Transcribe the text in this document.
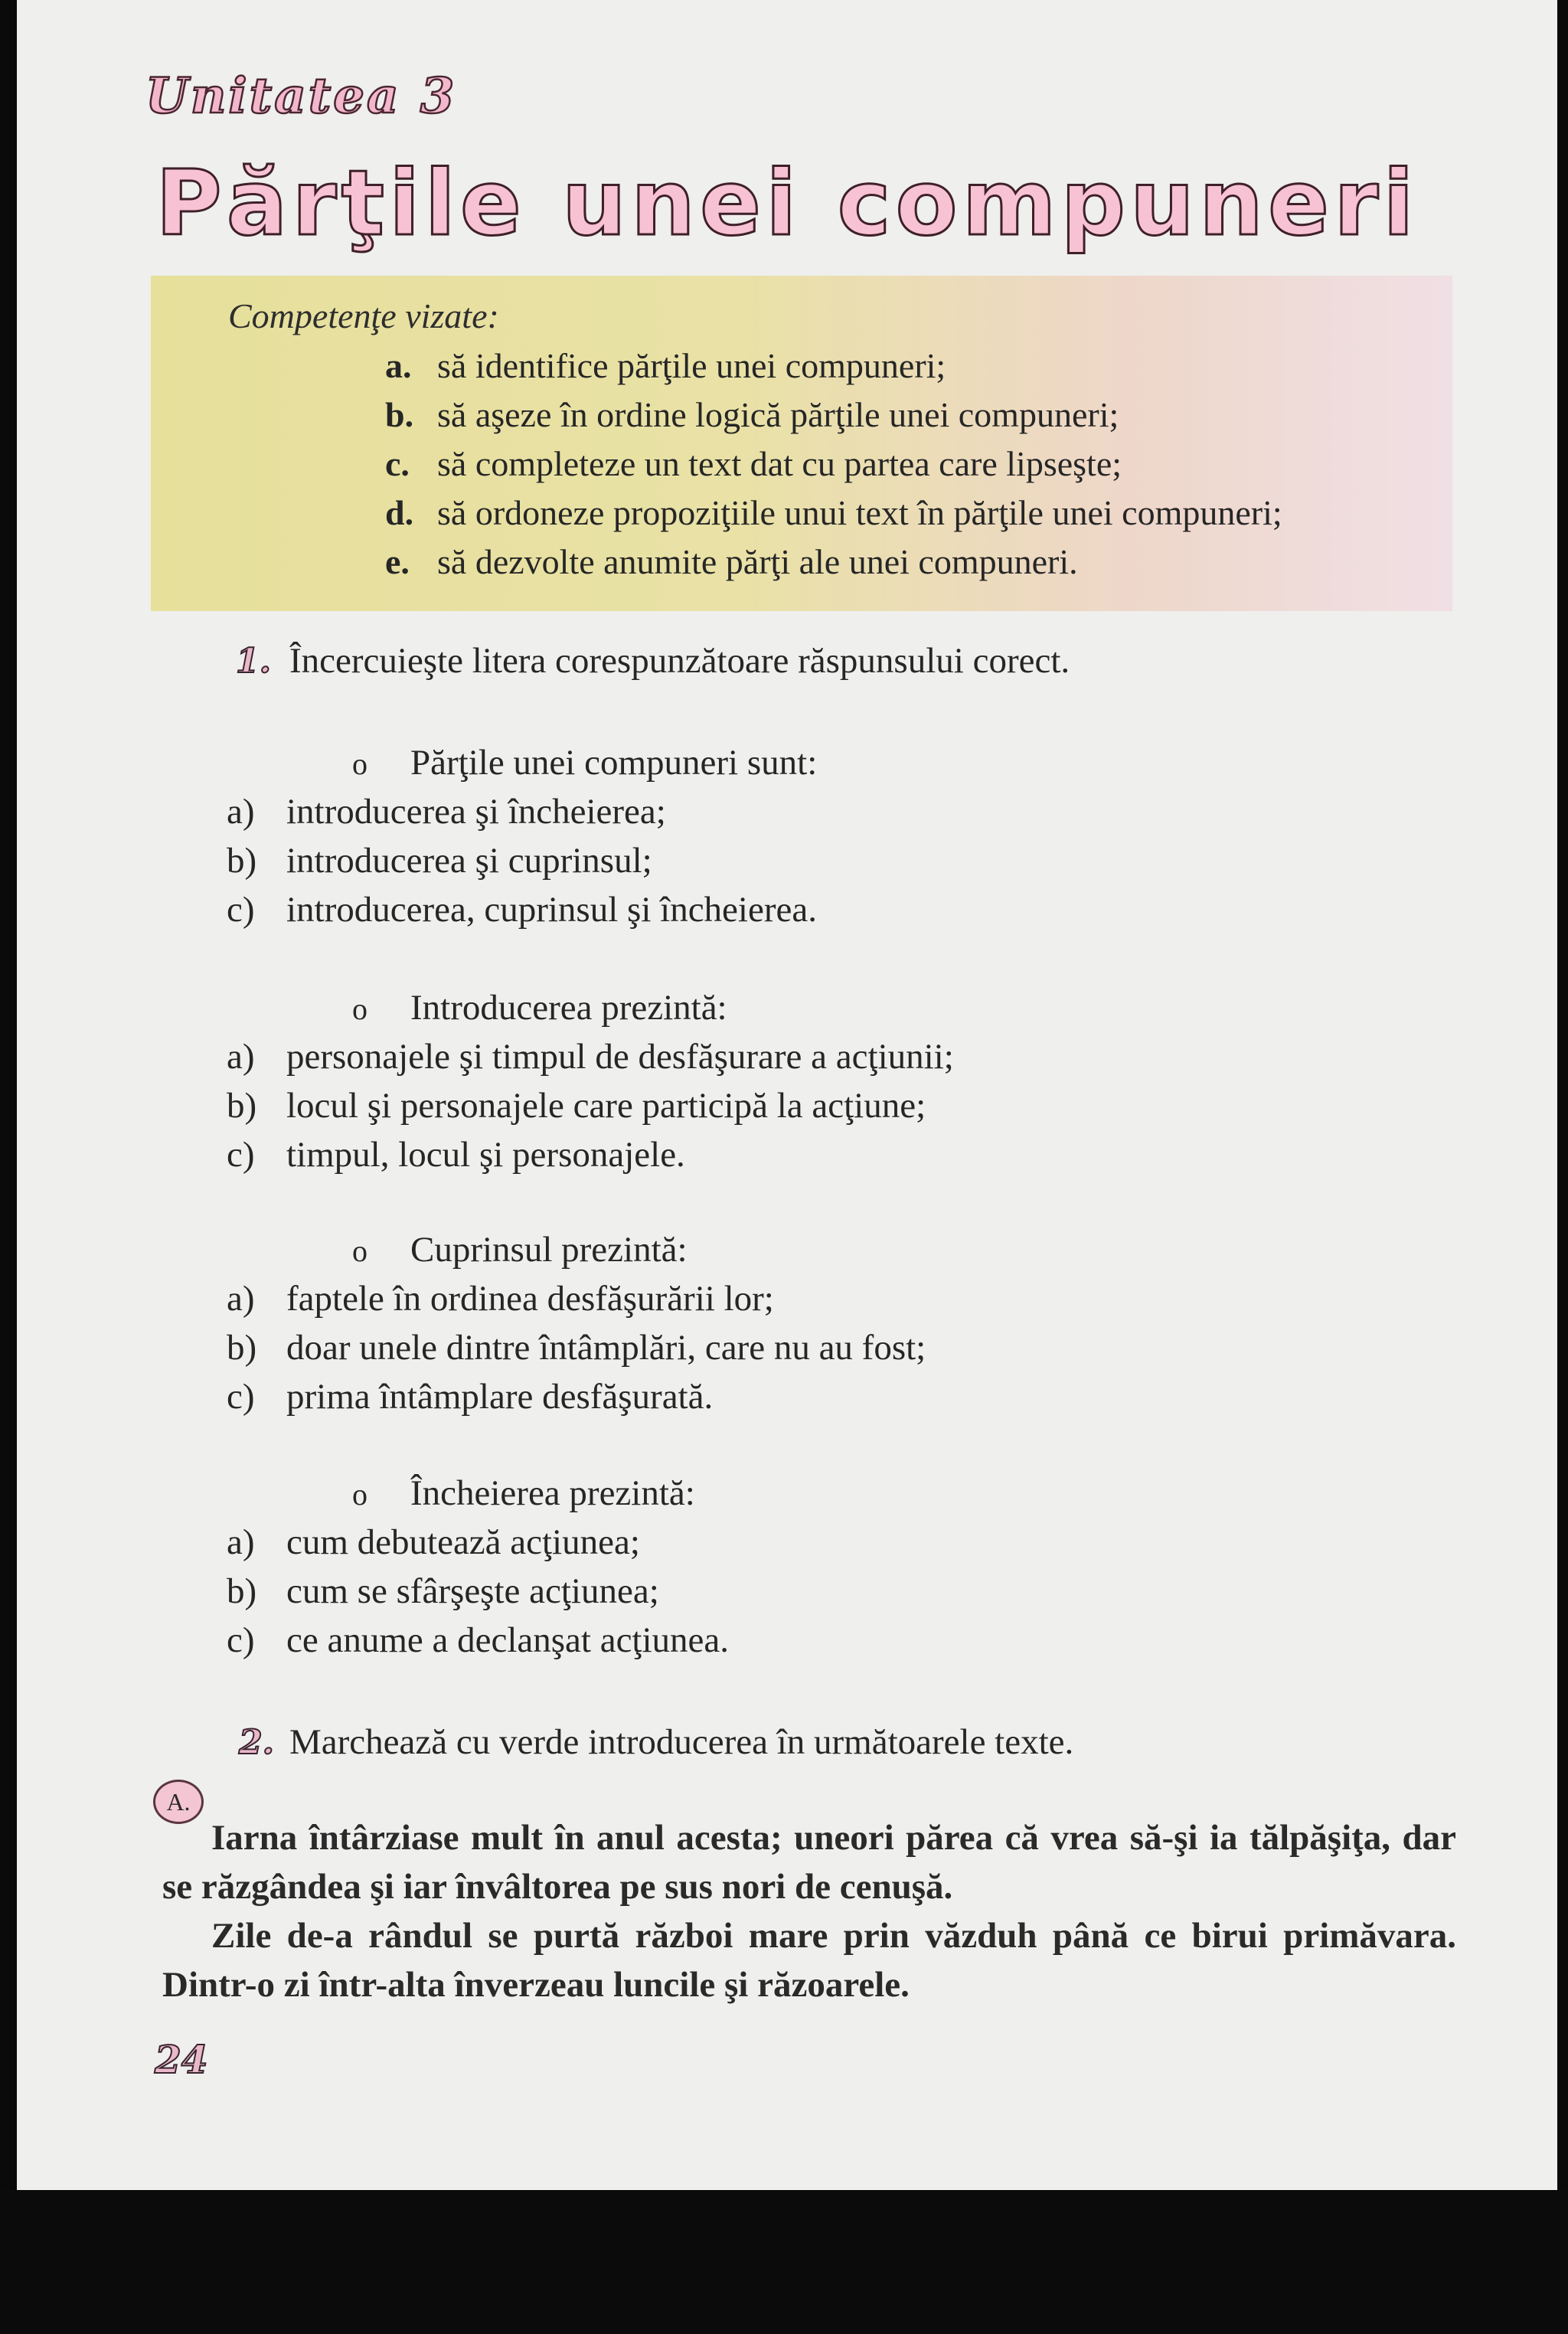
Unitatea 3
Părţile unei compuneri

Competenţe vizate:

a. să identifice părţile unei compuneri;
b. să aşeze în ordine logică părţile unei compuneri;
c. să completeze un text dat cu partea care lipseşte;
d. să ordoneze propoziţiile unui text în părţile unei compuneri;
e. să dezvolte anumite părţi ale unei compuneri.
1. Încercuieşte litera corespunzătoare răspunsului corect.

o Părţile unei compuneri sunt:
a) introducerea şi încheierea;
b) introducerea şi cuprinsul;
c) introducerea, cuprinsul şi încheierea.
o Introducerea prezintă:
a) personajele şi timpul de desfăşurare a acţiunii;
b) locul şi personajele care participă la acţiune;
c) timpul, locul şi personajele.
o Cuprinsul prezintă:
a) faptele în ordinea desfăşurării lor;
b) doar unele dintre întâmplări, care nu au fost;
c) prima întâmplare desfăşurată.
o Încheierea prezintă:
a) cum debutează acţiunea;
b) cum se sfârşeşte acţiunea;
c) ce anume a declanşat acţiunea.
2. Marchează cu verde introducerea în următoarele texte.

A.

Iarna întârziase mult în anul acesta; uneori părea că vrea să-şi ia tălpăşiţa, dar se răzgândea şi iar învâltorea pe sus nori de cenuşă.

Zile de-a rândul se purtă război mare prin văzduh până ce birui primăvara. Dintr-o zi într-alta înverzeau luncile şi răzoarele.

24
